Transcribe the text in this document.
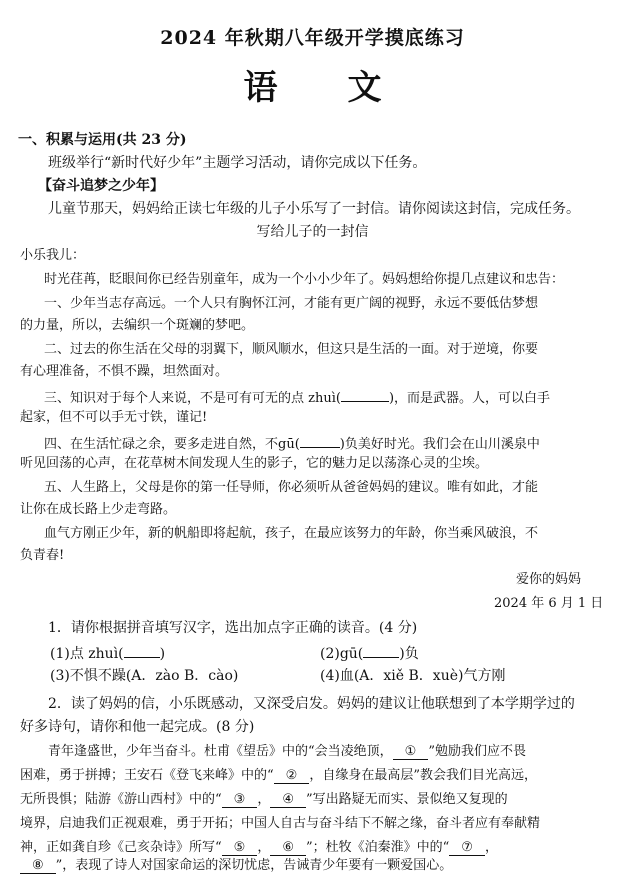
2024 年秋期八年级开学摸底练习
语文
一、积累与运用(共 23 分)
班级举行“新时代好少年”主题学习活动，请你完成以下任务。
【奋斗追梦之少年】
儿童节那天，妈妈给正读七年级的儿子小乐写了一封信。请你阅读这封信，完成任务。
写给儿子的一封信
小乐我儿：
时光荏苒，眨眼间你已经告别童年，成为一个小小少年了。妈妈想给你提几点建议和忠告：
一、少年当志存高远。一个人只有胸怀江河，才能有更广阔的视野，永远不要低估梦想
的力量，所以，去编织一个斑斓的梦吧。
二、过去的你生活在父母的羽翼下，顺风顺水，但这只是生活的一面。对于逆境，你要
有心理准备，不惧不躁，坦然面对。
三、知识对于每个人来说，不是可有可无的点 zhuì(	)，而是武器。人，可以白手
起家，但不可以手无寸铁，谨记!
四、在生活忙碌之余，要多走进自然，不gū(	)负美好时光。我们会在山川溪泉中
听见回荡的心声，在花草树木间发现人生的影子，它的魅力足以荡涤心灵的尘埃。
五、人生路上，父母是你的第一任导师，你必须听从爸爸妈妈的建议。唯有如此，才能
让你在成长路上少走弯路。
血气方刚正少年，新的帆船即将起航，孩子，在最应该努力的年龄，你当乘风破浪，不
负青春!
爱你的妈妈
2024 年 6 月 1 日
1．请你根据拼音填写汉字，选出加点字正确的读音。(4 分)
(1)点 zhuì(	)	(2)gū(	)负
(3)不惧不躁(A．zào B．cào)	(4)血(A．xiě B．xuè)气方刚
2．读了妈妈的信，小乐既感动，又深受启发。妈妈的建议让他联想到了本学期学过的
好多诗句，请你和他一起完成。(8 分)
青年逢盛世，少年当奋斗。杜甫《望岳》中的“会当凌绝顶， ① ”勉励我们应不畏
困难，勇于拼搏；王安石《登飞来峰》中的“ ② ，自缘身在最高层”教会我们目光高远，
无所畏惧；陆游《游山西村》中的“ ③ ， ④ ”写出路疑无而实、景似绝又复现的
境界，启迪我们正视艰难，勇于开拓；中国人自古与奋斗结下不解之缘，奋斗者应有奉献精
神，正如龚自珍《己亥杂诗》所写“ ⑤ ， ⑥ ”；杜牧《泊秦淮》中的“ ⑦ ，
⑧ ”，表现了诗人对国家命运的深切忧虑，告诫青少年要有一颗爱国心。
